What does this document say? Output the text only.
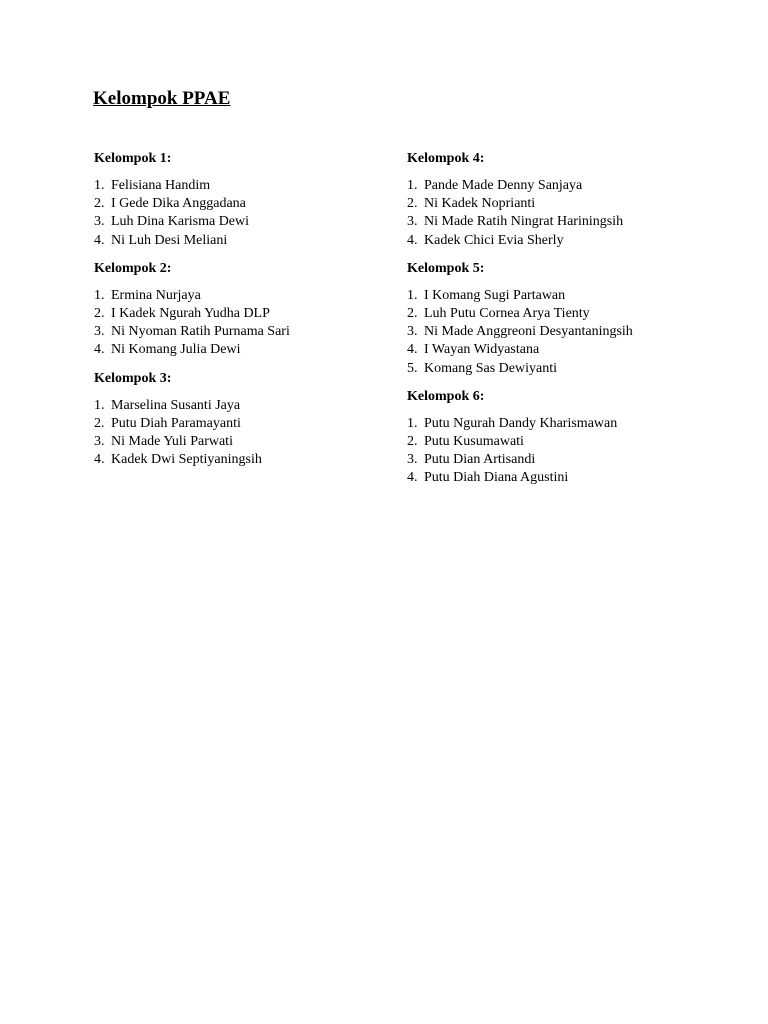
Kelompok PPAE
Kelompok 1:
1. Felisiana Handim
2. I Gede Dika Anggadana
3. Luh Dina Karisma Dewi
4. Ni Luh Desi Meliani
Kelompok 2:
1. Ermina Nurjaya
2. I Kadek Ngurah Yudha DLP
3. Ni Nyoman Ratih Purnama Sari
4. Ni Komang Julia Dewi
Kelompok 3:
1. Marselina Susanti Jaya
2. Putu Diah Paramayanti
3. Ni Made Yuli Parwati
4. Kadek Dwi Septiyaningsih
Kelompok 4:
1. Pande Made Denny Sanjaya
2. Ni Kadek Noprianti
3. Ni Made Ratih Ningrat Hariningsih
4. Kadek Chici Evia Sherly
Kelompok 5:
1. I Komang Sugi Partawan
2. Luh Putu Cornea Arya Tienty
3. Ni Made Anggreoni Desyantaningsih
4. I Wayan Widyastana
5. Komang Sas Dewiyanti
Kelompok 6:
1. Putu Ngurah Dandy Kharismawan
2. Putu Kusumawati
3. Putu Dian Artisandi
4. Putu Diah Diana Agustini
